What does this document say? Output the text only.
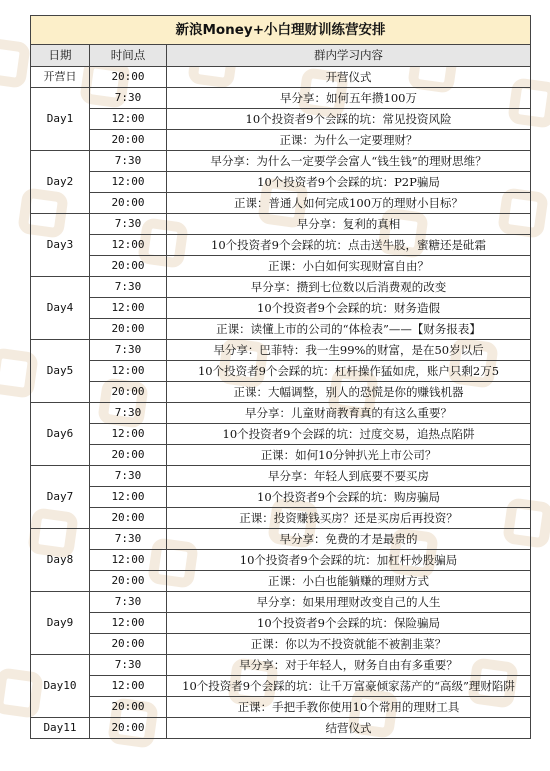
新浪Money+小白理财训练营安排		
日期	时间点	群内学习内容
开营日	20:00	开营仪式
Day1	7:30	早分享：如何五年攒100万
	12:00	10个投资者9个会踩的坑：常见投资风险
	20:00	正课：为什么一定要理财？
Day2	7:30	早分享：为什么一定要学会富人“钱生钱”的理财思维？
	12:00	10个投资者9个会踩的坑：P2P骗局
	20:00	正课：普通人如何完成100万的理财小目标？
Day3	7:30	早分享：复利的真相
	12:00	10个投资者9个会踩的坑：点击送牛股，蜜糖还是砒霜
	20:00	正课：小白如何实现财富自由？
Day4	7:30	早分享：攒到七位数以后消费观的改变
	12:00	10个投资者9个会踩的坑：财务造假
	20:00	正课：读懂上市的公司的“体检表”——【财务报表】
Day5	7:30	早分享：巴菲特：我一生99%的财富，是在50岁以后
	12:00	10个投资者9个会踩的坑：杠杆操作猛如虎，账户只剩2万5
	20:00	正课：大幅调整，别人的恐慌是你的赚钱机器
Day6	7:30	早分享：儿童财商教育真的有这么重要？
	12:00	10个投资者9个会踩的坑：过度交易，追热点陷阱
	20:00	正课：如何10分钟扒光上市公司？
Day7	7:30	早分享：年轻人到底要不要买房
	12:00	10个投资者9个会踩的坑：购房骗局
	20:00	正课：投资赚钱买房？还是买房后再投资？
Day8	7:30	早分享：免费的才是最贵的
	12:00	10个投资者9个会踩的坑：加杠杆炒股骗局
	20:00	正课：小白也能躺赚的理财方式
Day9	7:30	早分享：如果用理财改变自己的人生
	12:00	10个投资者9个会踩的坑：保险骗局
	20:00	正课：你以为不投资就能不被割韭菜？
Day10	7:30	早分享：对于年轻人，财务自由有多重要？
	12:00	10个投资者9个会踩的坑：让千万富豪倾家荡产的“高级”理财陷阱
	20:00	正课：手把手教你使用10个常用的理财工具
Day11	20:00	结营仪式
